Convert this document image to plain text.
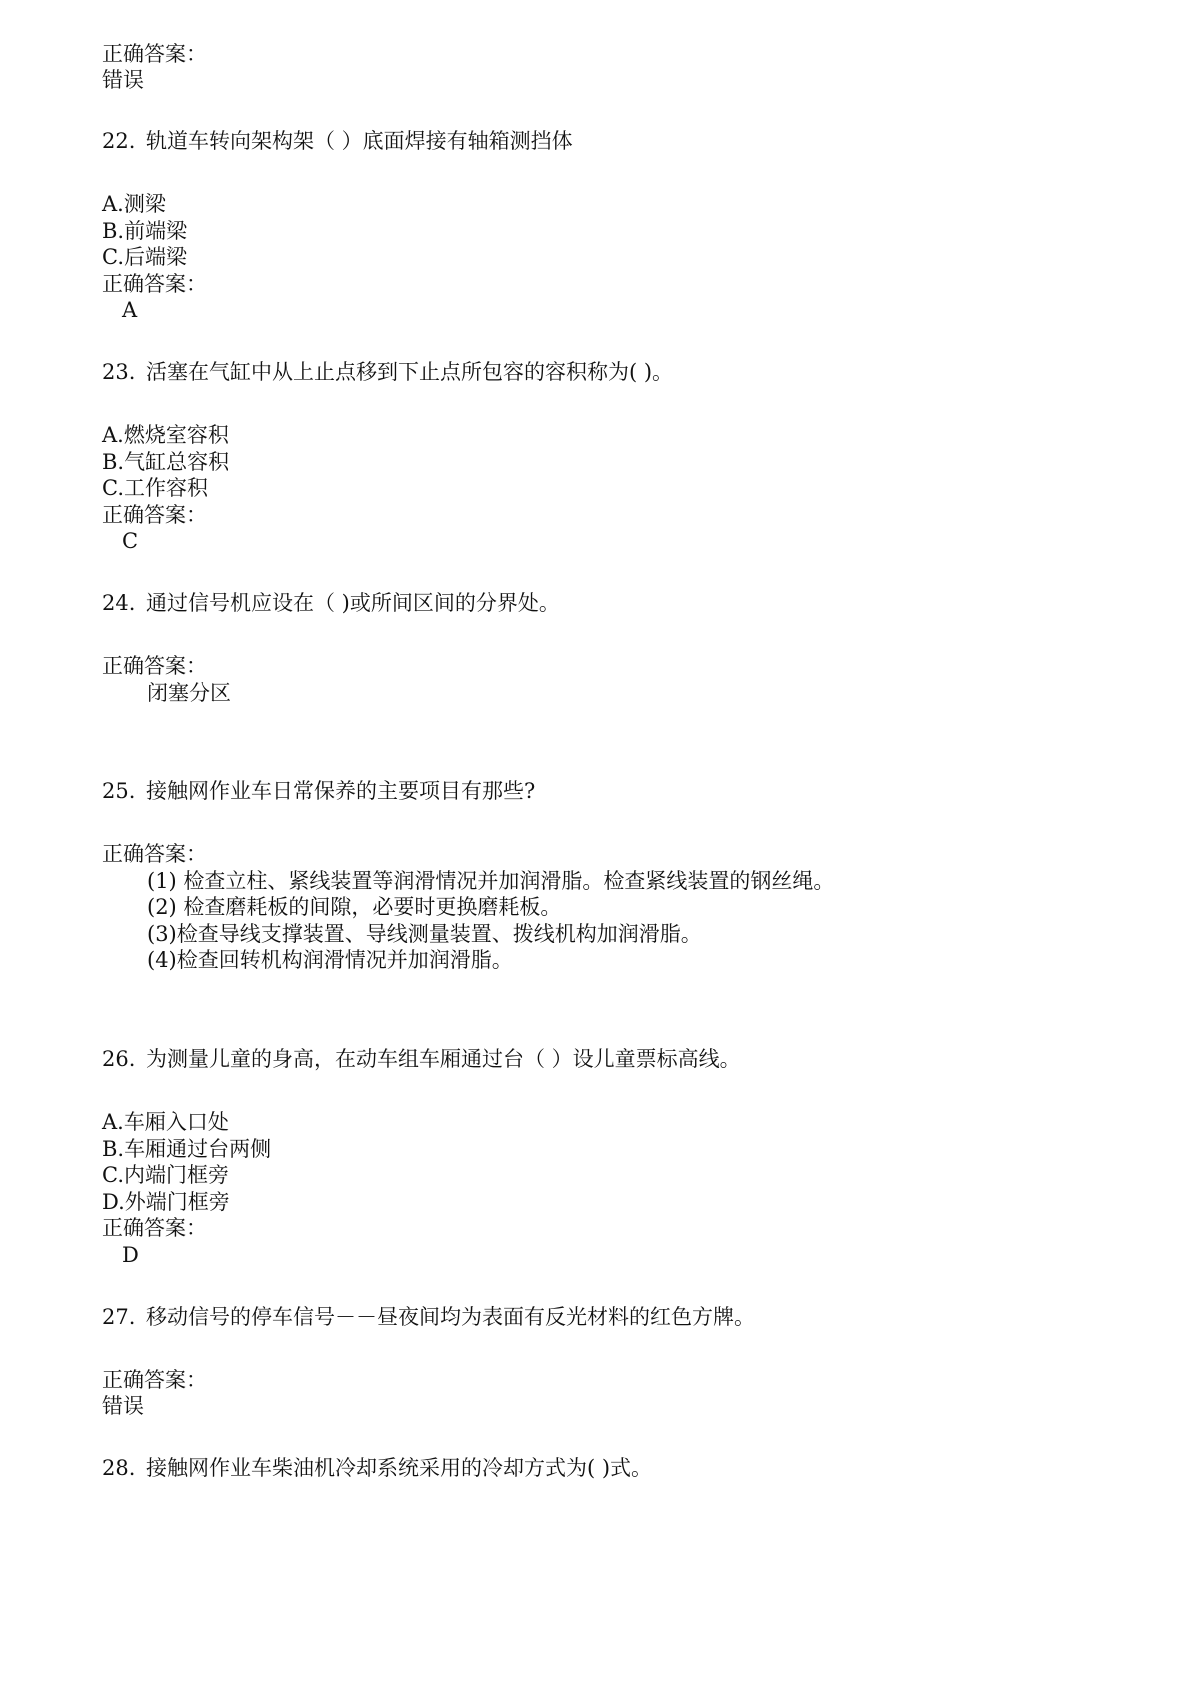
正确答案：
错误
22. 轨道车转向架构架（ ）底面焊接有轴箱测挡体
A.测梁
B.前端梁
C.后端梁
正确答案：
A
23. 活塞在气缸中从上止点移到下止点所包容的容积称为( )。
A.燃烧室容积
B.气缸总容积
C.工作容积
正确答案：
C
24. 通过信号机应设在（ )或所间区间的分界处。
正确答案：
闭塞分区
25. 接触网作业车日常保养的主要项目有那些?
正确答案：
(1) 检查立柱、紧线装置等润滑情况并加润滑脂。检查紧线装置的钢丝绳。
(2) 检查磨耗板的间隙，必要时更换磨耗板。
(3)检查导线支撑装置、导线测量装置、拨线机构加润滑脂。
(4)检查回转机构润滑情况并加润滑脂。
26. 为测量儿童的身高，在动车组车厢通过台（ ）设儿童票标高线。
A.车厢入口处
B.车厢通过台两侧
C.内端门框旁
D.外端门框旁
正确答案：
D
27. 移动信号的停车信号－－昼夜间均为表面有反光材料的红色方牌。
正确答案：
错误
28. 接触网作业车柴油机冷却系统采用的冷却方式为( )式。
